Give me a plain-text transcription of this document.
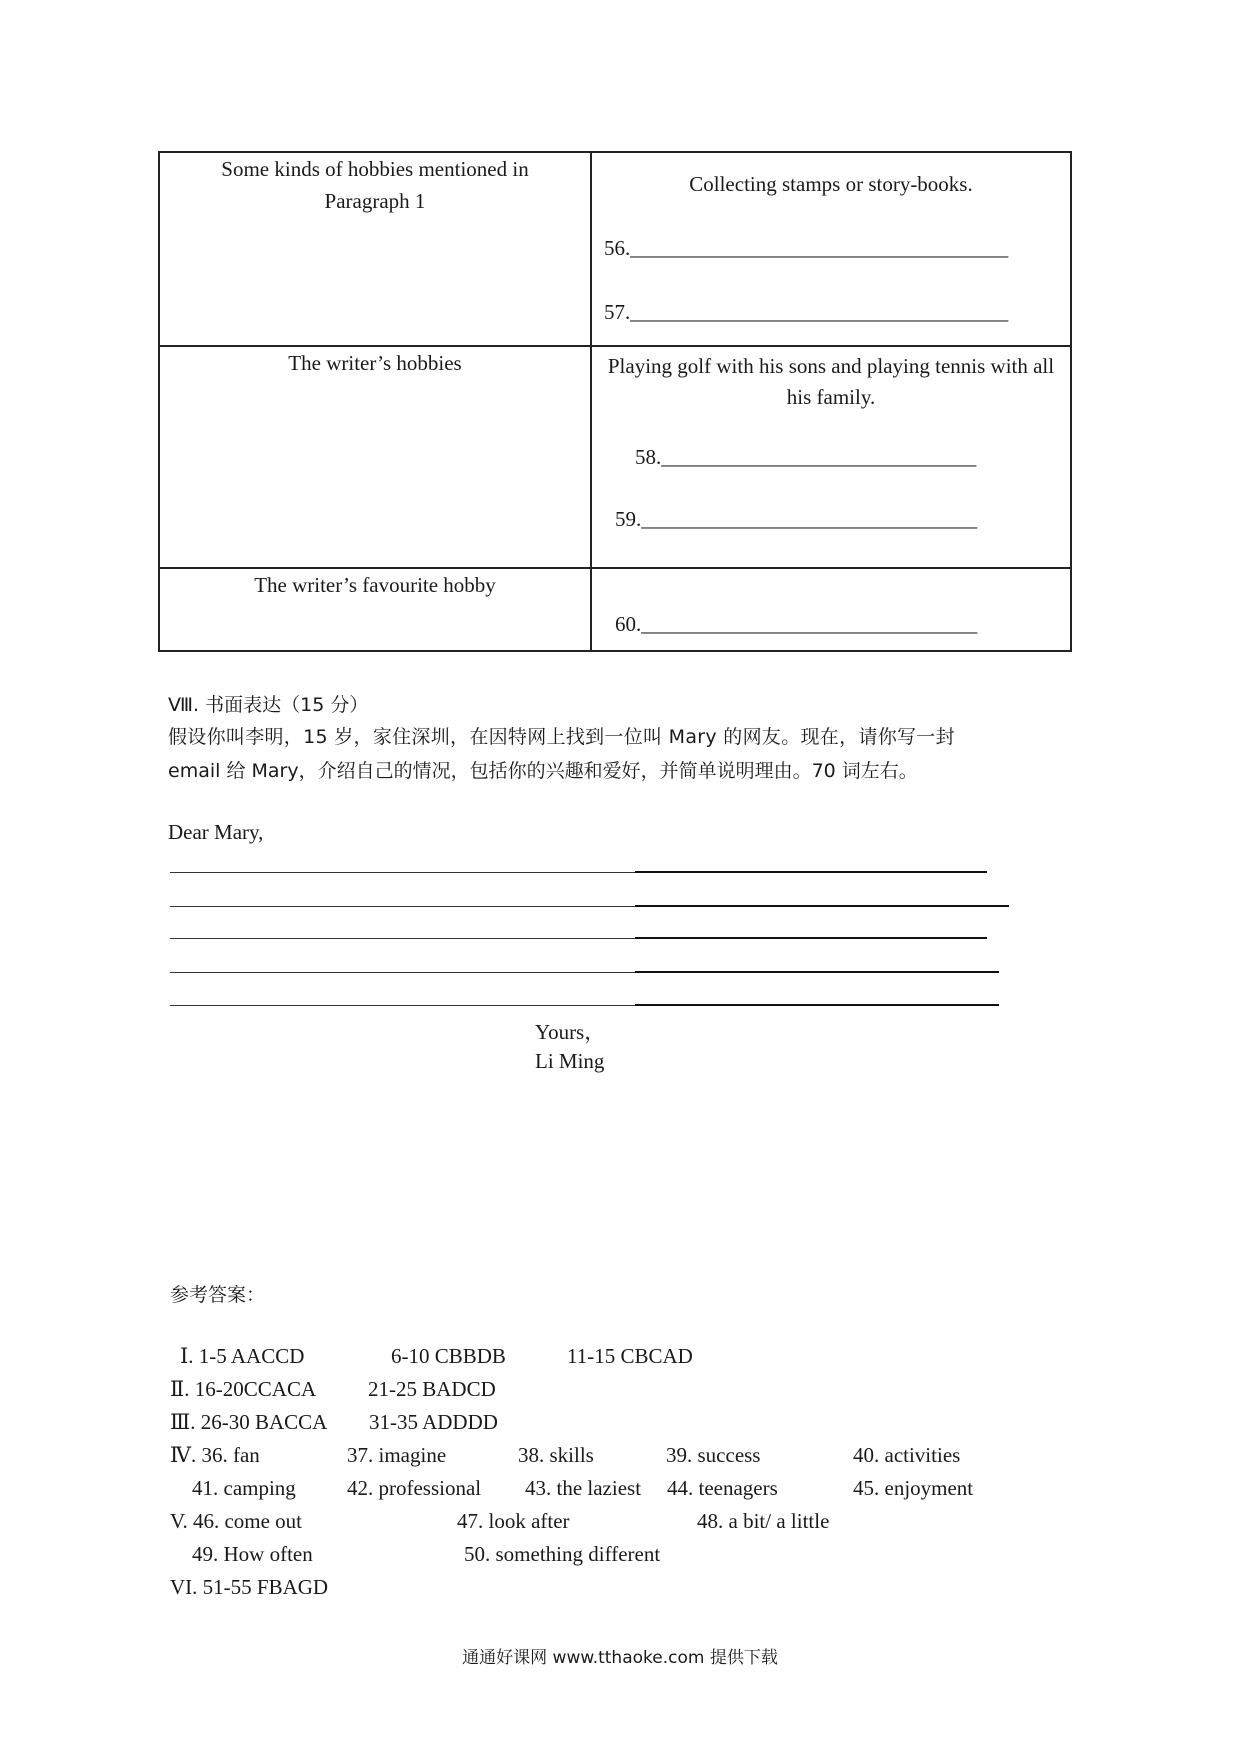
Some kinds of hobbies mentioned in Paragraph 1	Collecting stamps or story-books.
56.____________________________________
57.____________________________________

The writer’s hobbies	Playing golf with his sons and playing tennis with all his family.
58.______________________________
59.________________________________

The writer’s favourite hobby	60.________________________________
Ⅷ. 书面表达（15 分）
假设你叫李明，15 岁，家住深圳，在因特网上找到一位叫 Mary 的网友。现在，请你写一封
email 给 Mary，介绍自己的情况，包括你的兴趣和爱好，并简单说明理由。70 词左右。
Dear Mary,
Yours，
Li Ming
参考答案：
Ⅰ. 1-5 AACCD	6-10 CBBDB	11-15 CBCAD
Ⅱ. 16-20CCACA 21-25 BADCD
Ⅲ. 26-30 BACCA 31-35 ADDDD
Ⅳ. 36. fan	37. imagine	38. skills	39. success	40. activities
41. camping 42. professional 43. the laziest 44. teenagers	45. enjoyment
V. 46. come out	47. look after	48. a bit/ a little
49. How often	50. something different
VI. 51-55 FBAGD
通通好课网 www.tthaoke.com 提供下载
